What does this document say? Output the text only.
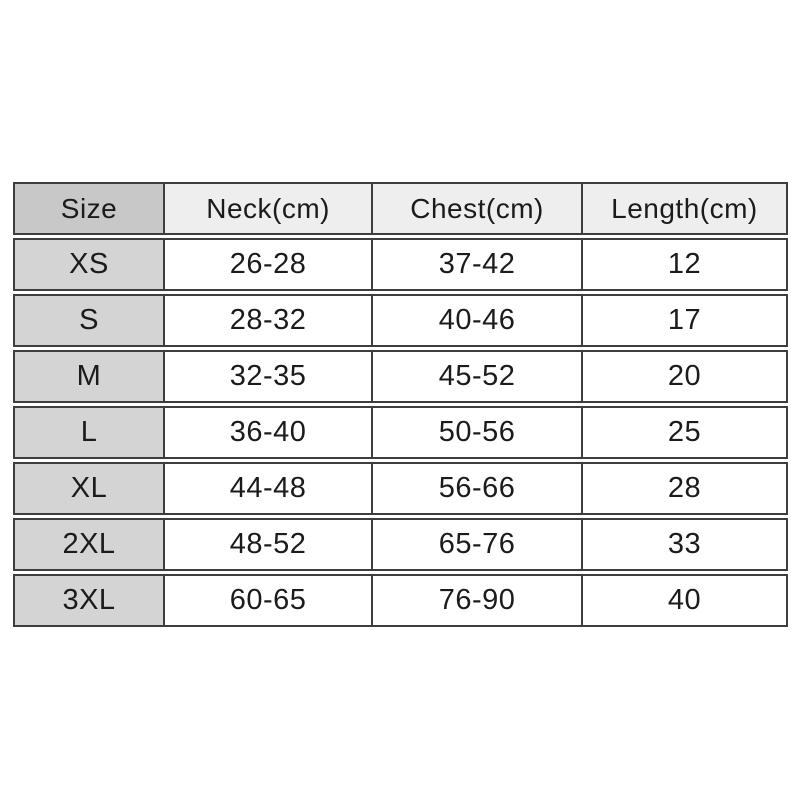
Size	Neck(cm)	Chest(cm)	Length(cm)
XS	26-28	37-42	12
S	28-32	40-46	17
M	32-35	45-52	20
L	36-40	50-56	25
XL	44-48	56-66	28
2XL	48-52	65-76	33
3XL	60-65	76-90	40
